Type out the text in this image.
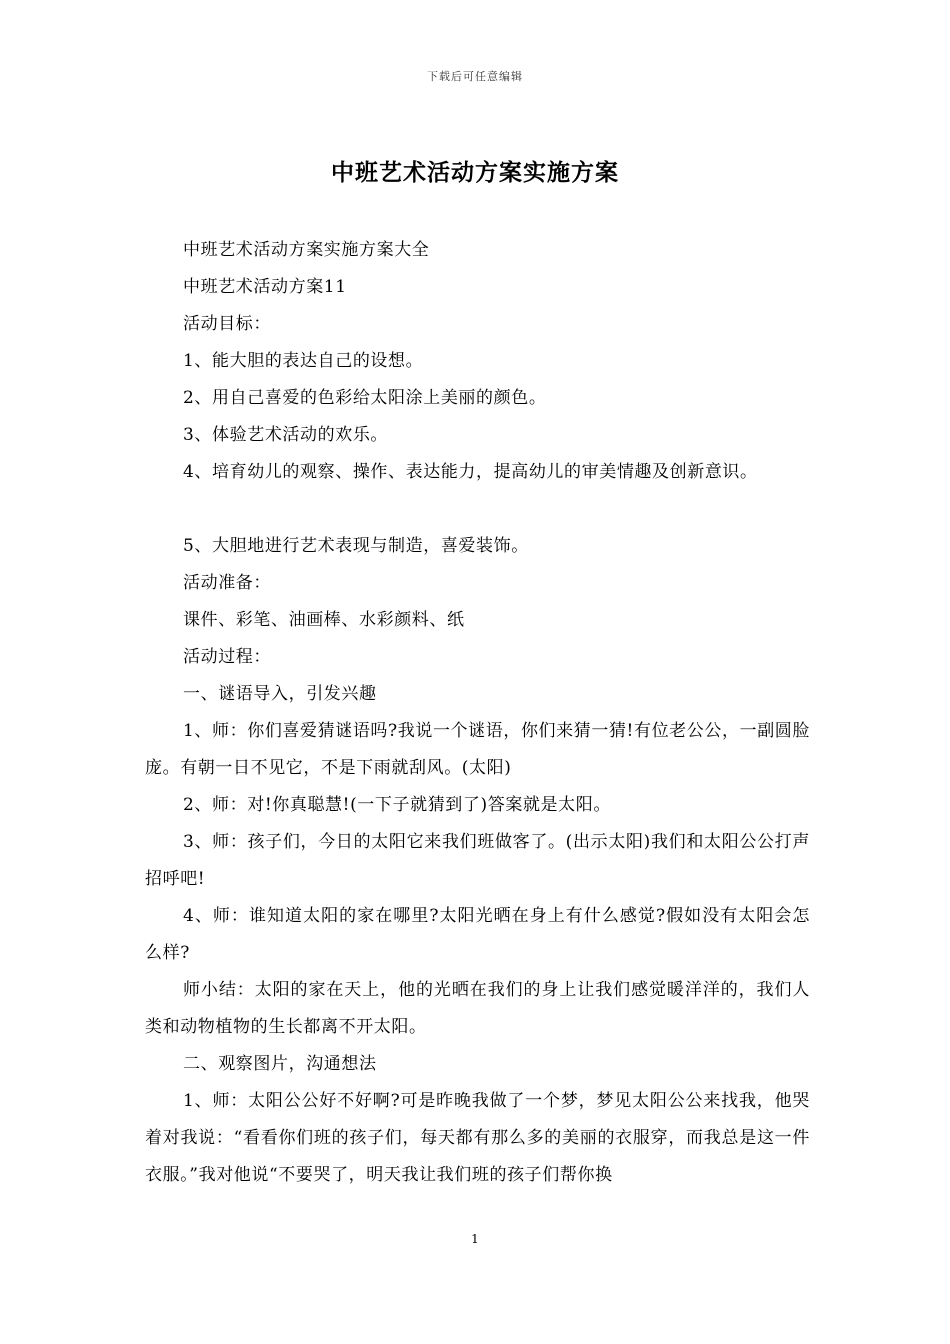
下载后可任意编辑
中班艺术活动方案实施方案

中班艺术活动方案实施方案大全

中班艺术活动方案11

活动目标：

1、能大胆的表达自己的设想。

2、用自己喜爱的色彩给太阳涂上美丽的颜色。

3、体验艺术活动的欢乐。

4、培育幼儿的观察、操作、表达能力，提高幼儿的审美情趣及创新意识。

5、大胆地进行艺术表现与制造，喜爱装饰。

活动准备：

课件、彩笔、油画棒、水彩颜料、纸

活动过程：

一、谜语导入，引发兴趣

1、师：你们喜爱猜谜语吗?我说一个谜语，你们来猜一猜!有位老公公，一副圆脸庞。有朝一日不见它，不是下雨就刮风。(太阳)

2、师：对!你真聪慧!(一下子就猜到了)答案就是太阳。

3、师：孩子们，今日的太阳它来我们班做客了。(出示太阳)我们和太阳公公打声招呼吧!

4、师：谁知道太阳的家在哪里?太阳光晒在身上有什么感觉?假如没有太阳会怎么样?

师小结：太阳的家在天上，他的光晒在我们的身上让我们感觉暖洋洋的，我们人类和动物植物的生长都离不开太阳。

二、观察图片，沟通想法

1、师：太阳公公好不好啊?可是昨晚我做了一个梦，梦见太阳公公来找我，他哭着对我说：“看看你们班的孩子们，每天都有那么多的美丽的衣服穿，而我总是这一件衣服。”我对他说“不要哭了，明天我让我们班的孩子们帮你换

1
